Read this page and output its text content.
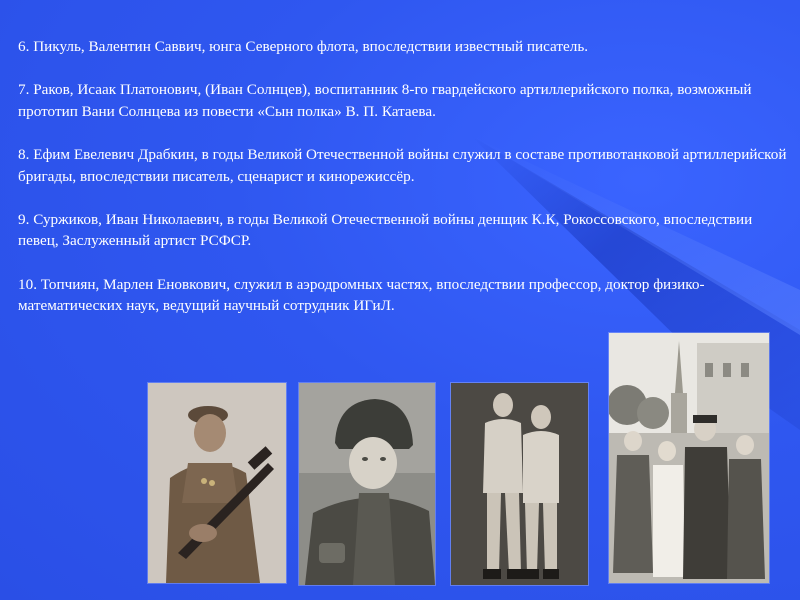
6. Пикуль, Валентин Саввич, юнга Северного флота, впоследствии известный писатель.

7. Раков, Исаак Платонович, (Иван Солнцев), воспитанник 8-го гвардейского артиллерийского полка, возможный прототип Вани Солнцева из повести «Сын полка» В. П. Катаева.

8. Ефим Евелевич Драбкин, в годы Великой Отечественной войны служил в составе противотанковой артиллерийской бригады, впоследствии писатель, сценарист и кинорежиссёр.

9. Суржиков, Иван Николаевич, в годы Великой Отечественной войны денщик К.К, Рокоссовского, впоследствии певец, Заслуженный артист РСФСР.

10. Топчиян, Марлен Еновкович, служил в аэродромных частях, впоследствии профессор, доктор физико-математических наук, ведущий научный сотрудник ИГиЛ.
